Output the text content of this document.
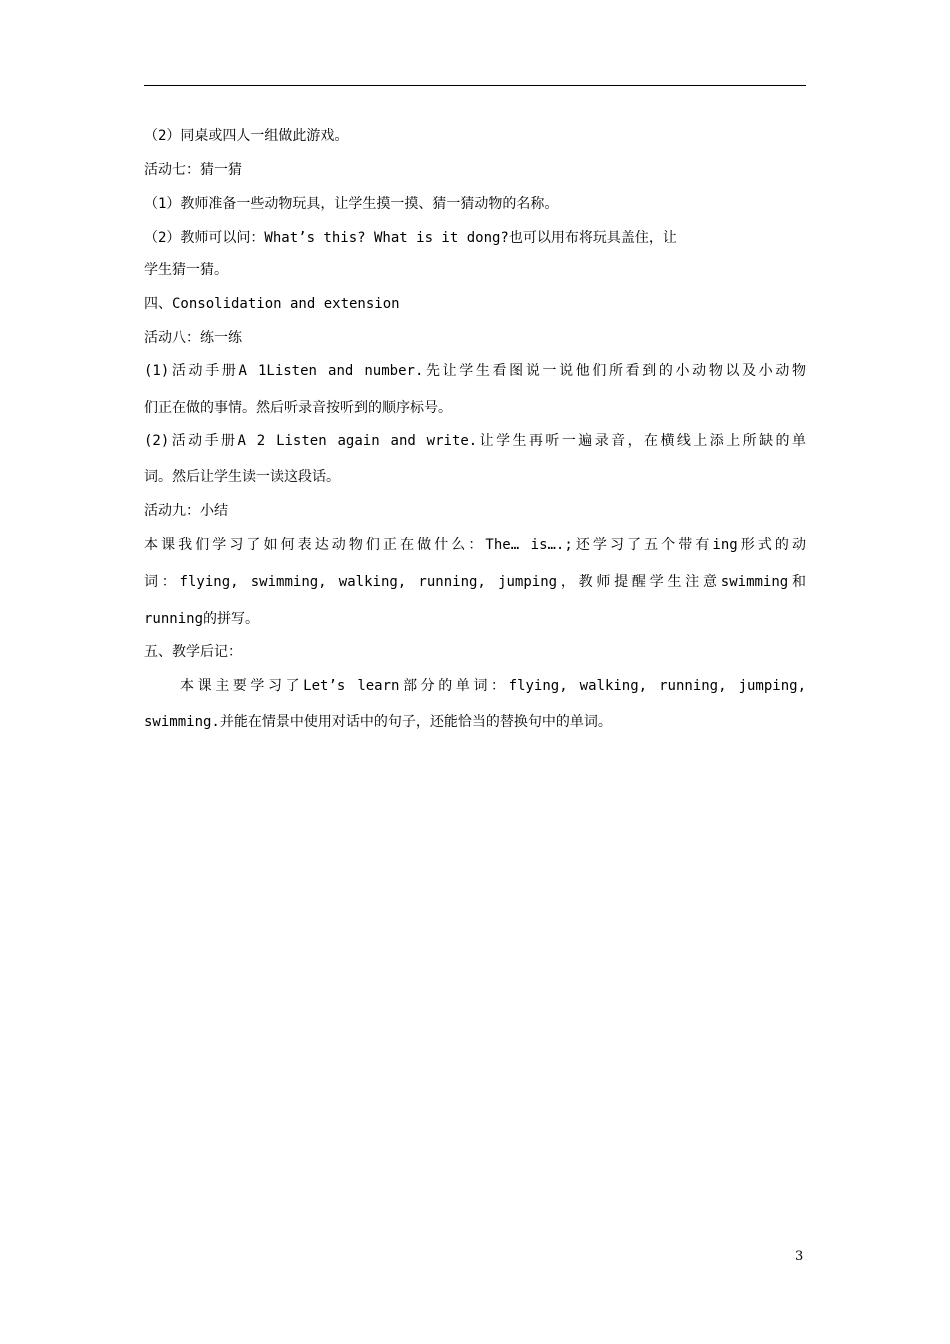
（2）同桌或四人一组做此游戏。
活动七：猜一猜
（1）教师准备一些动物玩具，让学生摸一摸、猜一猜动物的名称。
（2）教师可以问：What’s this? What is it dong?也可以用布将玩具盖住，让
学生猜一猜。
四、Consolidation and extension
活动八：练一练
(1)活动手册A 1Listen and number.先让学生看图说一说他们所看到的小动物以及小动物
们正在做的事情。然后听录音按听到的顺序标号。
(2)活动手册A 2 Listen again and write.让学生再听一遍录音，在横线上添上所缺的单
词。然后让学生读一读这段话。
活动九：小结
本课我们学习了如何表达动物们正在做什么：The… is….;还学习了五个带有ing形式的动
词：flying, swimming, walking, running, jumping，教师提醒学生注意swimming和
running的拼写。
五、教学后记：
本课主要学习了Let’s learn部分的单词：flying, walking, running, jumping,
swimming.并能在情景中使用对话中的句子，还能恰当的替换句中的单词。
3
